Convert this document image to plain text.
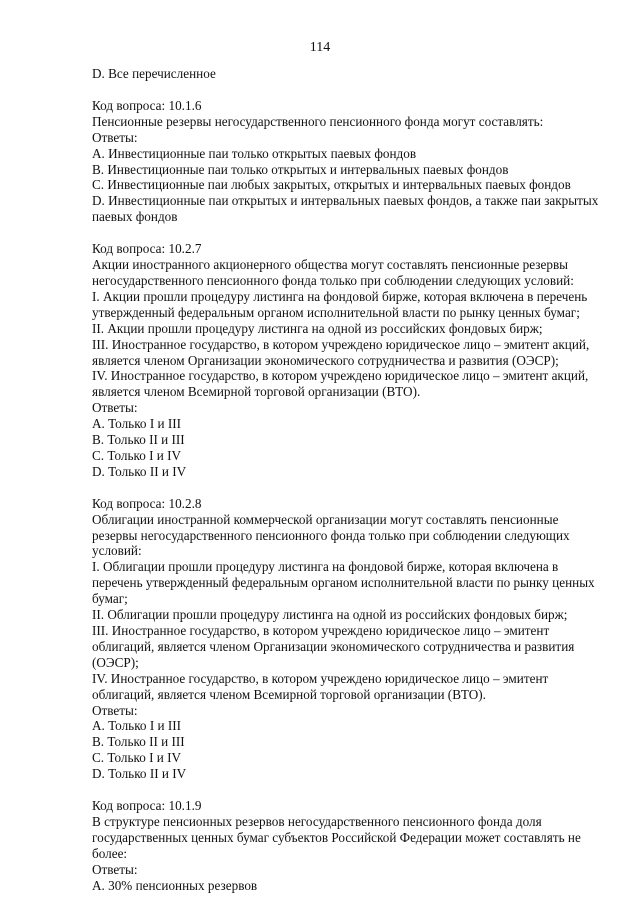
114
D. Все перечисленное
Код вопроса: 10.1.6
Пенсионные резервы негосударственного пенсионного фонда могут составлять:
Ответы:
A. Инвестиционные паи только открытых паевых фондов
B. Инвестиционные паи только открытых и интервальных паевых фондов
C. Инвестиционные паи любых закрытых, открытых и интервальных паевых фондов
D. Инвестиционные паи открытых и интервальных паевых фондов, а также паи закрытых
паевых фондов
Код вопроса: 10.2.7
Акции иностранного акционерного общества могут составлять пенсионные резервы
негосударственного пенсионного фонда только при соблюдении следующих условий:
I. Акции прошли процедуру листинга на фондовой бирже, которая включена в перечень
утвержденный федеральным органом исполнительной власти по рынку ценных бумаг;
II. Акции прошли процедуру листинга на одной из российских фондовых бирж;
III. Иностранное государство, в котором учреждено юридическое лицо – эмитент акций,
является членом Организации экономического сотрудничества и развития (ОЭСР);
IV. Иностранное государство, в котором учреждено юридическое лицо – эмитент акций,
является членом Всемирной торговой организации (ВТО).
Ответы:
A. Только I и III
B. Только II и III
C. Только I и IV
D. Только II и IV
Код вопроса: 10.2.8
Облигации иностранной коммерческой организации могут составлять пенсионные
резервы негосударственного пенсионного фонда только при соблюдении следующих
условий:
I. Облигации прошли процедуру листинга на фондовой бирже, которая включена в
перечень утвержденный федеральным органом исполнительной власти по рынку ценных
бумаг;
II. Облигации прошли процедуру листинга на одной из российских фондовых бирж;
III. Иностранное государство, в котором учреждено юридическое лицо – эмитент
облигаций, является членом Организации экономического сотрудничества и развития
(ОЭСР);
IV. Иностранное государство, в котором учреждено юридическое лицо – эмитент
облигаций, является членом Всемирной торговой организации (ВТО).
Ответы:
A. Только I и III
B. Только II и III
C. Только I и IV
D. Только II и IV
Код вопроса: 10.1.9
В структуре пенсионных резервов негосударственного пенсионного фонда доля
государственных ценных бумаг субъектов Российской Федерации может составлять не
более:
Ответы:
A. 30% пенсионных резервов
